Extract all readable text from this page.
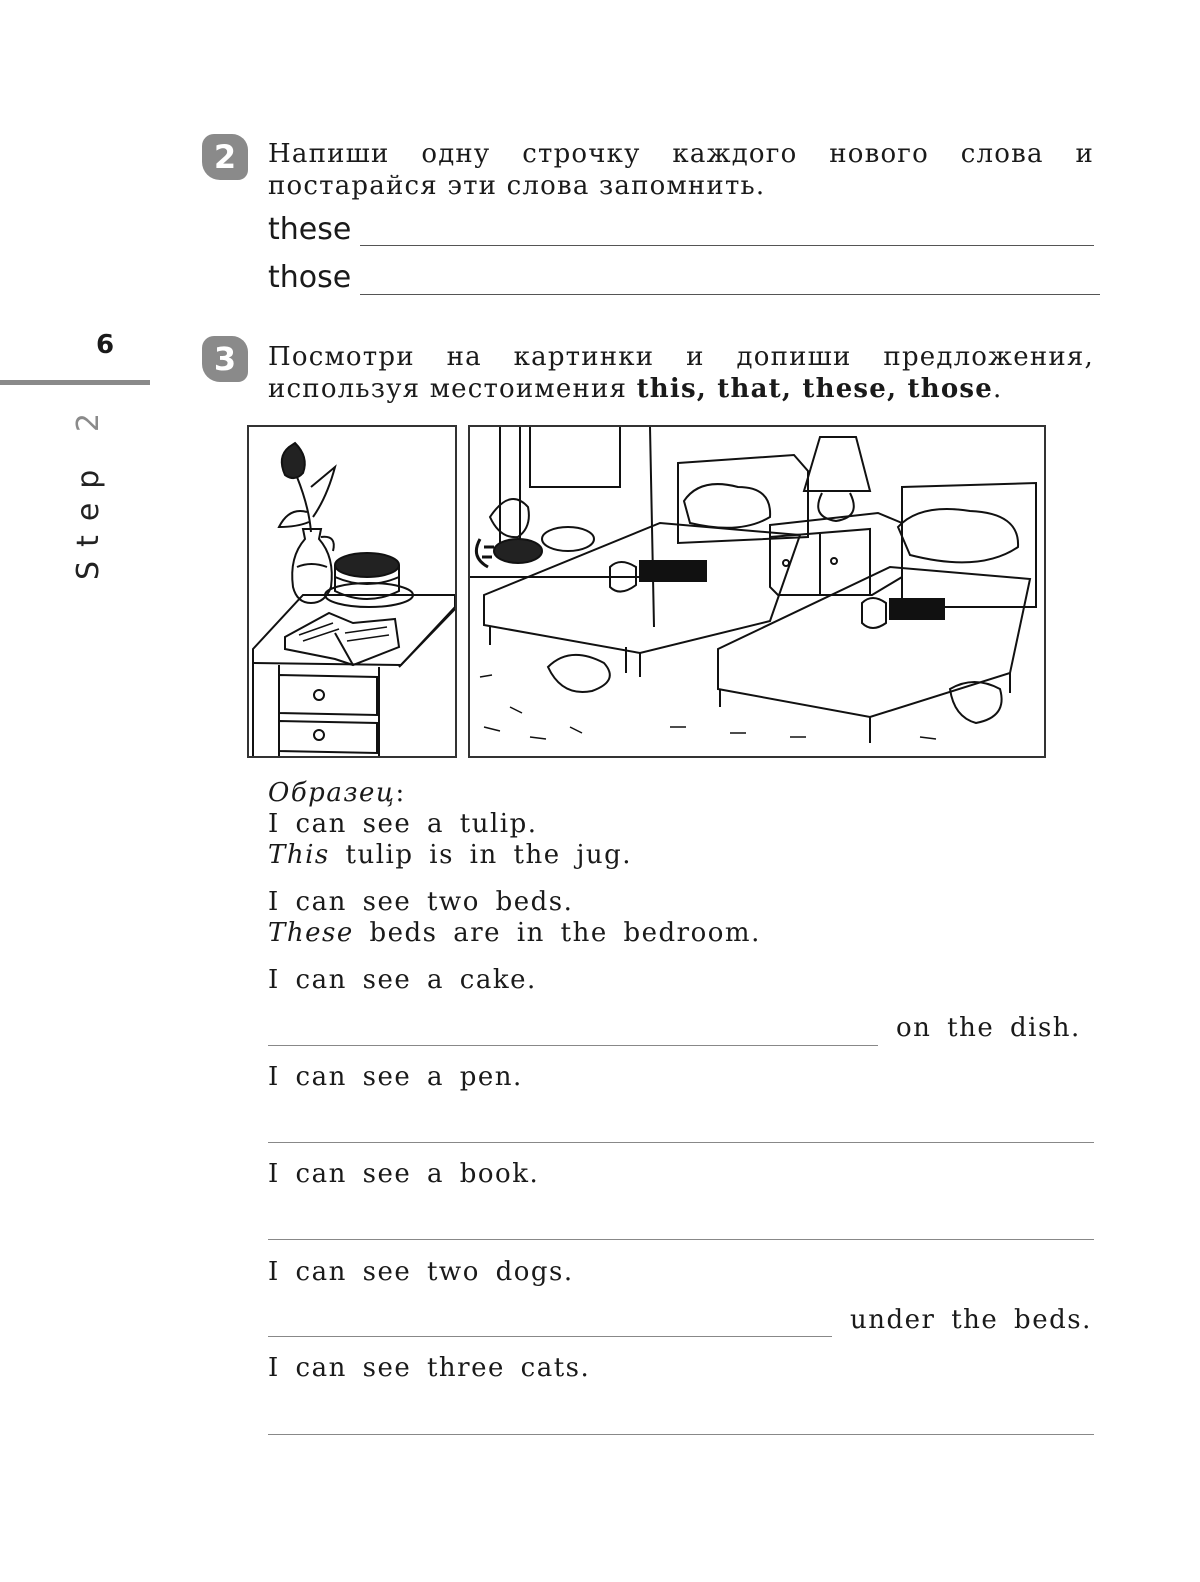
6
Step 2
2	Напиши одну строчку каждого нового слова и постарайся эти слова запомнить.
these
those
3	Посмотри на картинки и допиши предложения, используя местоимения this, that, these, those.
Образец:
I can see a tulip.
This tulip is in the jug.
I can see two beds.
These beds are in the bedroom.
I can see a cake.
on the dish.
I can see a pen.
I can see a book.
I can see two dogs.
under the beds.
I can see three cats.
